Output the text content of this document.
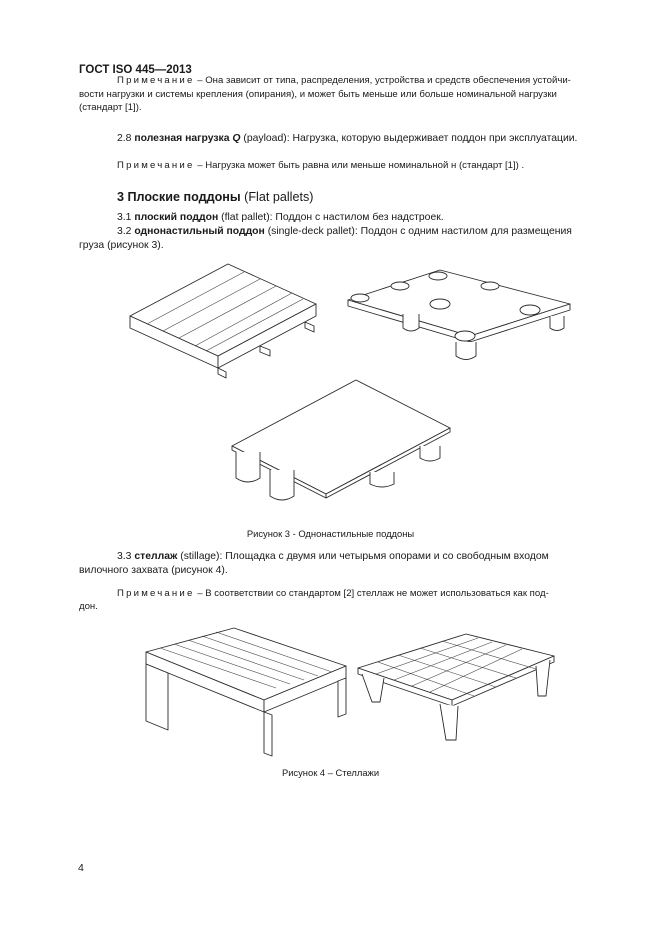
ГОСТ ISO 445—2013
Примечание – Она зависит от типа, распределения, устройства и средств обеспечения устойчи-
вости нагрузки и системы крепления (опирания), и может быть меньше или больше номинальной нагрузки
(стандарт [1]).
2.8 полезная нагрузка Q (payload): Нагрузка, которую выдерживает поддон при эксплуатации.
Примечание – Нагрузка может быть равна или меньше номинальной н (стандарт [1]) .
3 Плоские поддоны (Flat pallets)
3.1 плоский поддон (flat pallet): Поддон с настилом без надстроек.
3.2 однонастильный поддон (single-deck pallet): Поддон с одним настилом для размещения
груза (рисунок 3).
Рисунок 3 - Однонастильные поддоны
3.3 стеллаж (stillage): Площадка с двумя или четырьмя опорами и со свободным входом
вилочного захвата (рисунок 4).
Примечание – В соответствии со стандартом [2] стеллаж не может использоваться как под-
дон.
Рисунок 4 – Стеллажи
4
